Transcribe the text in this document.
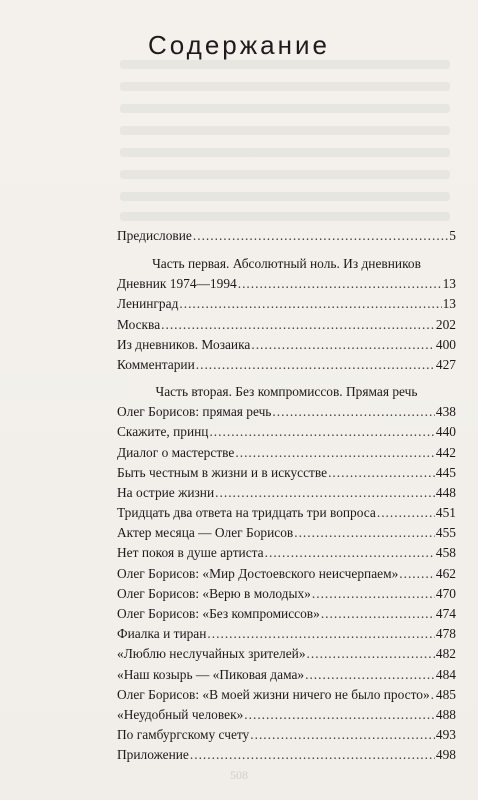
Содержание
Предисловие .....	5
Часть первая. Абсолютный ноль. Из дневников
Дневник 1974—1994 .....	13
Ленинград .....	13
Москва .....	202
Из дневников. Мозаика .....	400
Комментарии .....	427
Часть вторая. Без компромиссов. Прямая речь
Олег Борисов: прямая речь .....	438
Скажите, принц .....	440
Диалог о мастерстве .....	442
Быть честным в жизни и в искусстве .....	445
На острие жизни .....	448
Тридцать два ответа на тридцать три вопроса .....	451
Актер месяца — Олег Борисов .....	455
Нет покоя в душе артиста .....	458
Олег Борисов: «Мир Достоевского неисчерпаем» .....	462
Олег Борисов: «Верю в молодых» .....	470
Олег Борисов: «Без компромиссов» .....	474
Фиалка и тиран .....	478
«Люблю неслучайных зрителей» .....	482
«Наш козырь — «Пиковая дама» .....	484
Олег Борисов: «В моей жизни ничего не было просто» ..... 485
«Неудобный человек» .....	488
По гамбургскому счету .....	493
Приложение .....	498
508
